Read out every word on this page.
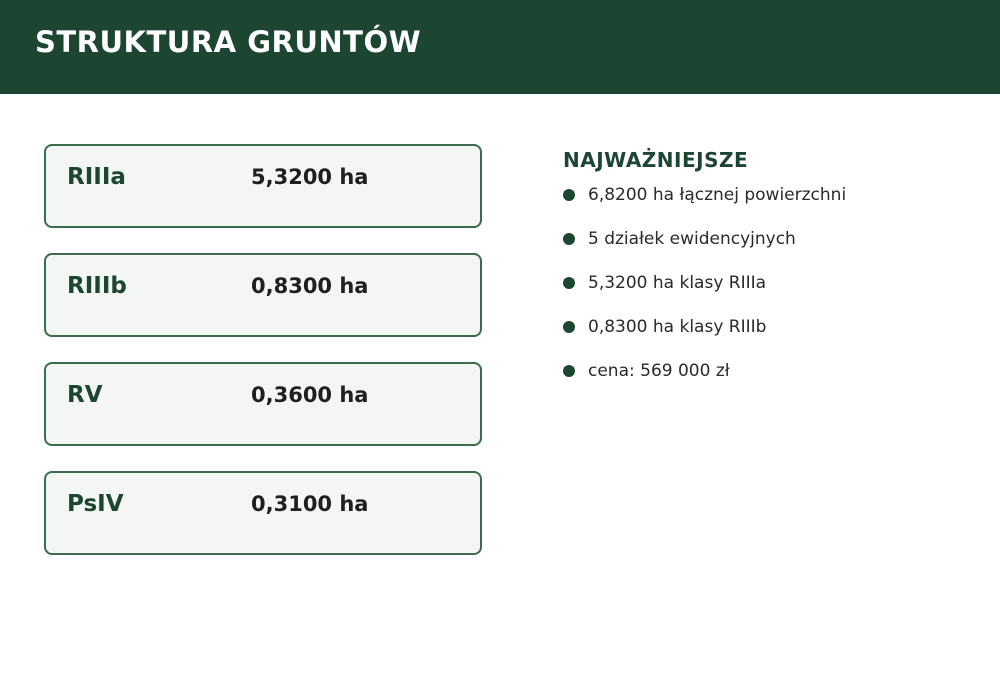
STRUKTURA GRUNTÓW
RIIIa	5,3200 ha
RIIIb	0,8300 ha
RV	0,3600 ha
PsIV	0,3100 ha
NAJWAŻNIEJSZE
6,8200 ha łącznej powierzchni
5 działek ewidencyjnych
5,3200 ha klasy RIIIa
0,8300 ha klasy RIIIb
cena: 569 000 zł
